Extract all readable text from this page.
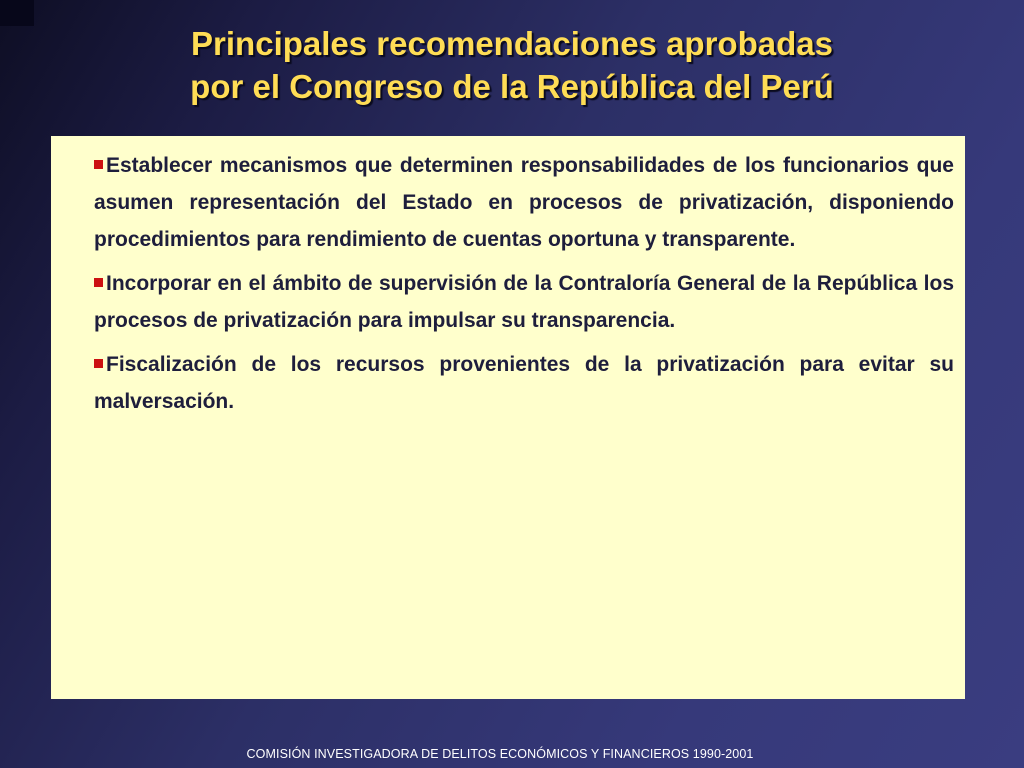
Principales recomendaciones aprobadas
por el Congreso de la República del Perú

Establecer mecanismos que determinen responsabilidades de los funcionarios que asumen representación del Estado en procesos de privatización, disponiendo procedimientos para rendimiento de cuentas oportuna y transparente.

Incorporar en el ámbito de supervisión de la Contraloría General de la República los procesos de privatización para impulsar su transparencia.

Fiscalización de los recursos provenientes de la privatización para evitar su malversación.

COMISIÓN INVESTIGADORA DE DELITOS ECONÓMICOS Y FINANCIEROS 1990-2001
